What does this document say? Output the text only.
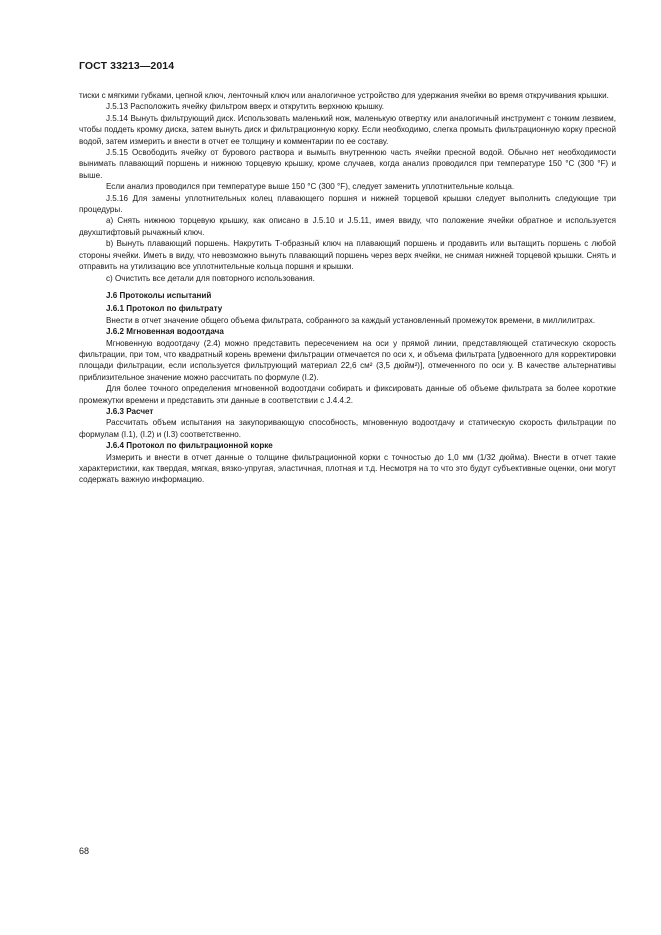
ГОСТ 33213—2014

тиски с мягкими губками, цепной ключ, ленточный ключ или аналогичное устройство для удержания ячейки во время откручивания крышки.

J.5.13 Расположить ячейку фильтром вверх и открутить верхнюю крышку.

J.5.14 Вынуть фильтрующий диск. Использовать маленький нож, маленькую отвертку или аналогичный инструмент с тонким лезвием, чтобы поддеть кромку диска, затем вынуть диск и фильтрационную корку. Если необходимо, слегка промыть фильтрационную корку пресной водой, затем измерить и внести в отчет ее толщину и комментарии по ее составу.

J.5.15 Освободить ячейку от бурового раствора и вымыть внутреннюю часть ячейки пресной водой. Обычно нет необходимости вынимать плавающий поршень и нижнюю торцевую крышку, кроме случаев, когда анализ проводился при температуре 150 °С (300 °F) и выше.

Если анализ проводился при температуре выше 150 °С (300 °F), следует заменить уплотнительные кольца.

J.5.16 Для замены уплотнительных колец плавающего поршня и нижней торцевой крышки следует выполнить следующие три процедуры.

а) Снять нижнюю торцевую крышку, как описано в J.5.10 и J.5.11, имея ввиду, что положение ячейки обратное и используется двухштифтовый рычажный ключ.

b) Вынуть плавающий поршень. Накрутить Т-образный ключ на плавающий поршень и продавить или вытащить поршень с любой стороны ячейки. Иметь в виду, что невозможно вынуть плавающий поршень через верх ячейки, не снимая нижней торцевой крышки. Снять и отправить на утилизацию все уплотнительные кольца поршня и крышки.

с) Очистить все детали для повторного использования.

J.6 Протоколы испытаний

J.6.1 Протокол по фильтрату

Внести в отчет значение общего объема фильтрата, собранного за каждый установленный промежуток времени, в миллилитрах.

J.6.2 Мгновенная водоотдача

Мгновенную водоотдачу (2.4) можно представить пересечением на оси у прямой линии, представляющей статическую скорость фильтрации, при том, что квадратный корень времени фильтрации отмечается по оси х, и объема фильтрата [удвоенного для корректировки площади фильтрации, если используется фильтрующий материал 22,6 см² (3,5 дюйм²)], отмеченного по оси у. В качестве альтернативы приблизительное значение можно рассчитать по формуле (I.2).

Для более точного определения мгновенной водоотдачи собирать и фиксировать данные об объеме фильтрата за более короткие промежутки времени и представить эти данные в соответствии с J.4.4.2.

J.6.3 Расчет

Рассчитать объем испытания на закупоривающую способность, мгновенную водоотдачу и статическую скорость фильтрации по формулам (I.1), (I.2) и (I.3) соответственно.

J.6.4 Протокол по фильтрационной корке

Измерить и внести в отчет данные о толщине фильтрационной корки с точностью до 1,0 мм (1/32 дюйма). Внести в отчет такие характеристики, как твердая, мягкая, вязко-упругая, эластичная, плотная и т.д. Несмотря на то что это будут субъективные оценки, они могут содержать важную информацию.

68
